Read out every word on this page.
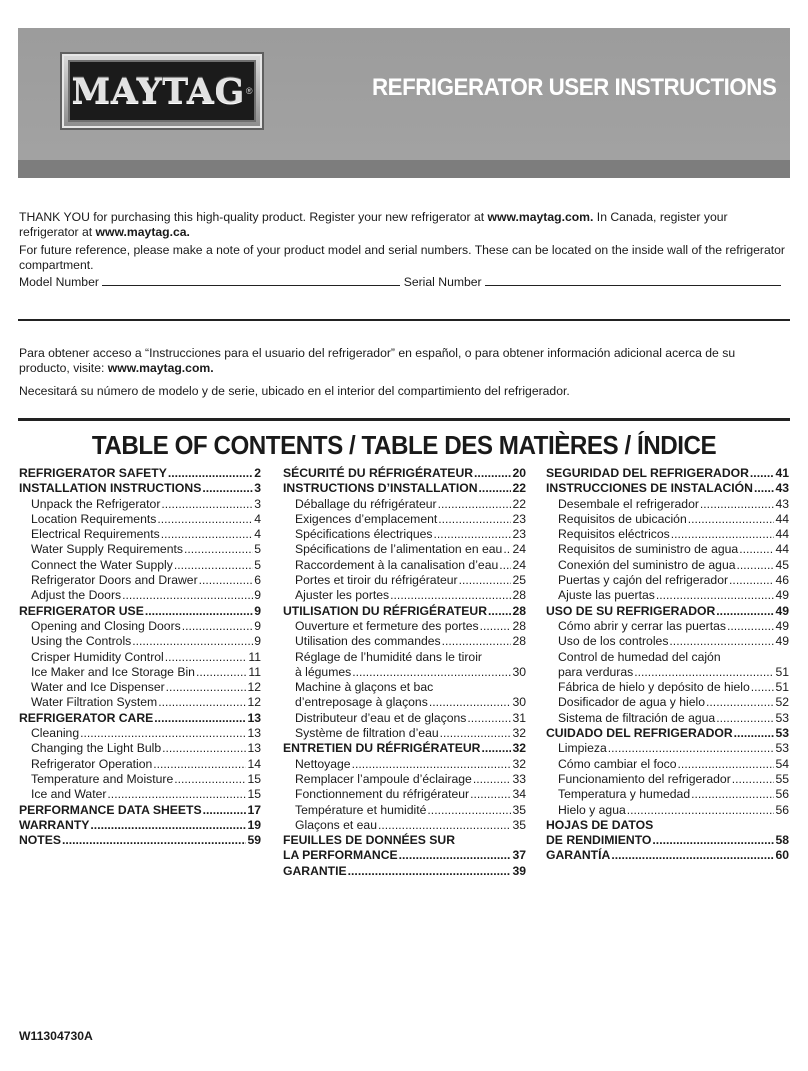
MAYTAG ®	REFRIGERATOR USER INSTRUCTIONS

THANK YOU for purchasing this high-quality product. Register your new refrigerator at www.maytag.com. In Canada, register your refrigerator at www.maytag.ca.

For future reference, please make a note of your product model and serial numbers. These can be located on the inside wall of the refrigerator compartment.

Model Number	Serial Number

Para obtener acceso a “Instrucciones para el usuario del refrigerador” en español, o para obtener información adicional acerca de su producto, visite: www.maytag.com.

Necesitará su número de modelo y de serie, ubicado en el interior del compartimiento del refrigerador.

TABLE OF CONTENTS / TABLE DES MATIÈRES / ÍNDICE
REFRIGERATOR SAFETY .....	2
INSTALLATION INSTRUCTIONS .....	3
Unpack the Refrigerator .....	3
Location Requirements .....	4
Electrical Requirements .....	4
Water Supply Requirements .....	5
Connect the Water Supply .....	5
Refrigerator Doors and Drawer .....	6
Adjust the Doors .....	9
REFRIGERATOR USE .....	9
Opening and Closing Doors .....	9
Using the Controls .....	9
Crisper Humidity Control .....	11
Ice Maker and Ice Storage Bin .....	11
Water and Ice Dispenser .....	12
Water Filtration System .....	12
REFRIGERATOR CARE .....	13
Cleaning .....	13
Changing the Light Bulb .....	13
Refrigerator Operation .....	14
Temperature and Moisture .....	15
Ice and Water .....	15
PERFORMANCE DATA SHEETS .....	17
WARRANTY .....	19
NOTES .....	59
SÉCURITÉ DU RÉFRIGÉRATEUR .....	20
INSTRUCTIONS D’INSTALLATION .....	22
Déballage du réfrigérateur .....	22
Exigences d’emplacement .....	23
Spécifications électriques .....	23
Spécifications de l’alimentation en eau ..... 24
Raccordement à la canalisation d’eau ..... 24
Portes et tiroir du réfrigérateur .....	25
Ajuster les portes .....	28
UTILISATION DU RÉFRIGÉRATEUR ..... 28
Ouverture et fermeture des portes .....	28
Utilisation des commandes .....	28
Réglage de l’humidité dans le tiroir
à légumes .....	30
Machine à glaçons et bac
d’entreposage à glaçons .....	30
Distributeur d’eau et de glaçons .....	31
Système de filtration d’eau .....	32
ENTRETIEN DU RÉFRIGÉRATEUR .....	32
Nettoyage .....	32
Remplacer l’ampoule d’éclairage .....	33
Fonctionnement du réfrigérateur .....	34
Température et humidité .....	35
Glaçons et eau .....	35
FEUILLES DE DONNÉES SUR
LA PERFORMANCE .....	37
GARANTIE .....	39
SEGURIDAD DEL REFRIGERADOR ..... 41
INSTRUCCIONES DE INSTALACIÓN ..... 43
Desembale el refrigerador .....	43
Requisitos de ubicación .....	44
Requisitos eléctricos .....	44
Requisitos de suministro de agua .....	44
Conexión del suministro de agua .....	45
Puertas y cajón del refrigerador .....	46
Ajuste las puertas .....	49
USO DE SU REFRIGERADOR .....	49
Cómo abrir y cerrar las puertas .....	49
Uso de los controles .....	49
Control de humedad del cajón
para verduras .....	51
Fábrica de hielo y depósito de hielo ..... 51
Dosificador de agua y hielo .....	52
Sistema de filtración de agua .....	53
CUIDADO DEL REFRIGERADOR .....	53
Limpieza .....	53
Cómo cambiar el foco .....	54
Funcionamiento del refrigerador .....	55
Temperatura y humedad .....	56
Hielo y agua .....	56
HOJAS DE DATOS
DE RENDIMIENTO .....	58
GARANTÍA .....	60
W11304730A
